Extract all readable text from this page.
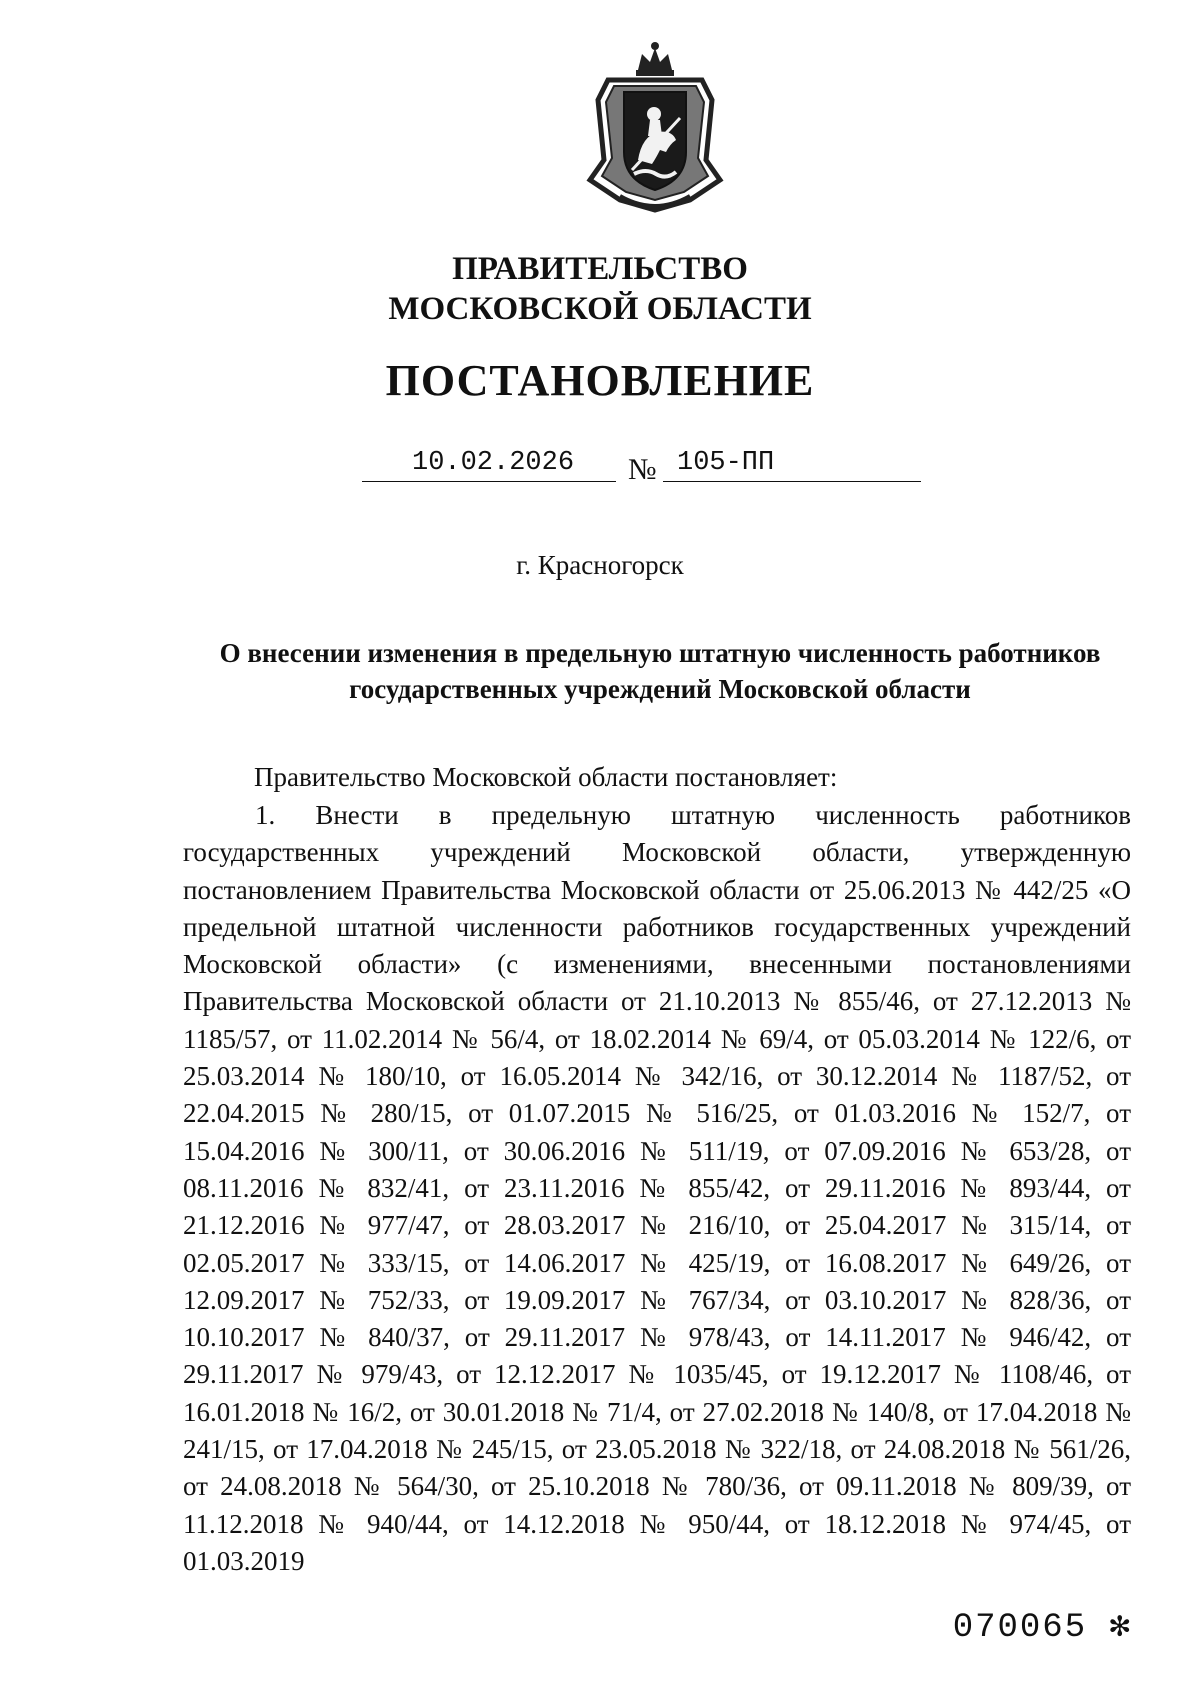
ПРАВИТЕЛЬСТВО
МОСКОВСКОЙ ОБЛАСТИ
ПОСТАНОВЛЕНИЕ
10.02.2026 № 105-ПП
г. Красногорск
О внесении изменения в предельную штатную численность работников государственных учреждений Московской области
Правительство Московской области постановляет:

1. Внести в предельную штатную численность работников государственных учреждений Московской области, утвержденную постановлением Правительства Московской области от 25.06.2013 № 442/25 «О предельной штатной численности работников государственных учреждений Московской области» (с изменениями, внесенными постановлениями Правительства Московской области от 21.10.2013 № 855/46, от 27.12.2013 № 1185/57, от 11.02.2014 № 56/4, от 18.02.2014 № 69/4, от 05.03.2014 № 122/6, от 25.03.2014 № 180/10, от 16.05.2014 № 342/16, от 30.12.2014 № 1187/52, от 22.04.2015 № 280/15, от 01.07.2015 № 516/25, от 01.03.2016 № 152/7, от 15.04.2016 № 300/11, от 30.06.2016 № 511/19, от 07.09.2016 № 653/28, от 08.11.2016 № 832/41, от 23.11.2016 № 855/42, от 29.11.2016 № 893/44, от 21.12.2016 № 977/47, от 28.03.2017 № 216/10, от 25.04.2017 № 315/14, от 02.05.2017 № 333/15, от 14.06.2017 № 425/19, от 16.08.2017 № 649/26, от 12.09.2017 № 752/33, от 19.09.2017 № 767/34, от 03.10.2017 № 828/36, от 10.10.2017 № 840/37, от 29.11.2017 № 978/43, от 14.11.2017 № 946/42, от 29.11.2017 № 979/43, от 12.12.2017 № 1035/45, от 19.12.2017 № 1108/46, от 16.01.2018 № 16/2, от 30.01.2018 № 71/4, от 27.02.2018 № 140/8, от 17.04.2018 № 241/15, от 17.04.2018 № 245/15, от 23.05.2018 № 322/18, от 24.08.2018 № 561/26, от 24.08.2018 № 564/30, от 25.10.2018 № 780/36, от 09.11.2018 № 809/39, от 11.12.2018 № 940/44, от 14.12.2018 № 950/44, от 18.12.2018 № 974/45, от 01.03.2019

070065 ✻
